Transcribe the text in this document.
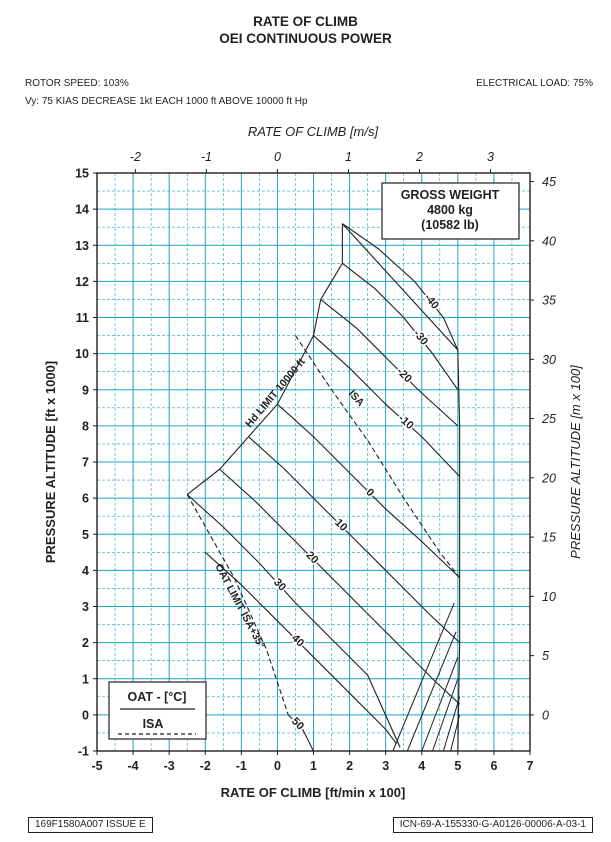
RATE OF CLIMB
OEI CONTINUOUS POWER
ROTOR SPEED: 103%	ELECTRICAL LOAD: 75%
Vy: 75 KIAS DECREASE 1kt EACH 1000 ft ABOVE 10000 ft Hp
-5 -4 -3 -2 -1 0 1 2 3 4 5 6 7
-2	-1	0	1	2	3
-1
0
1
2
3
4
5
6
7
8
9
10
11
12
13
14
15
0
5
10
15
20
25
30
35
40
45
-40
-30
-20
-10
0
10
20
30
40
50
RATE OF CLIMB [m/s]
RATE OF CLIMB [ft/min x 100]
PRESSURE ALTITUDE [ft x 1000]	PRESSURE ALTITUDE [m x 100]
Hd LIMIT 10000 ft	ISA
OAT LIMIT ISA+35°
GROSS WEIGHT
4800 kg
(10582 lb)
OAT - [°C]
ISA
169F1580A007 ISSUE E	ICN-69-A-155330-G-A0126-00006-A-03-1
